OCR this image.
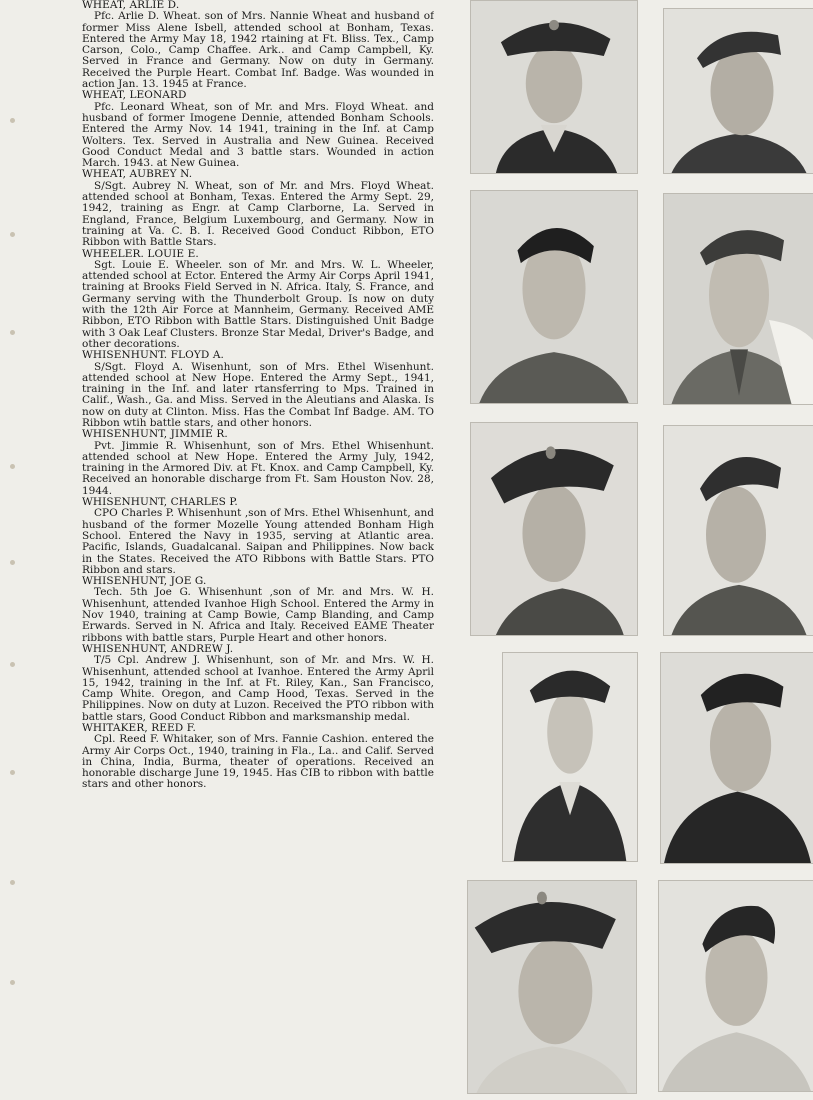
WHEAT, ARLIE D.

Pfc. Arlie D. Wheat. son of Mrs. Nannie Wheat and husband of former Miss Alene Isbell, attended school at Bonham, Texas. Entered the Army May 18, 1942 rtaining at Ft. Bliss. Tex., Camp Carson, Colo., Camp Chaffee. Ark.. and Camp Campbell, Ky. Served in France and Germany. Now on duty in Germany. Received the Purple Heart. Combat Inf. Badge. Was wounded in action Jan. 13. 1945 at France.

WHEAT, LEONARD

Pfc. Leonard Wheat, son of Mr. and Mrs. Floyd Wheat. and husband of former Imogene Dennie, attended Bonham Schools. Entered the Army Nov. 14 1941, training in the Inf. at Camp Wolters. Tex. Served in Australia and New Guinea. Received Good Conduct Medal and 3 battle stars. Wounded in action March. 1943. at New Guinea.

WHEAT, AUBREY N.

S/Sgt. Aubrey N. Wheat, son of Mr. and Mrs. Floyd Wheat. attended school at Bonham, Texas. Entered the Army Sept. 29, 1942, training as Engr. at Camp Clarborne, La. Served in England, France, Belgium Luxembourg, and Germany. Now in training at Va. C. B. I. Received Good Conduct Ribbon, ETO Ribbon with Battle Stars.

WHEELER. LOUIE E.

Sgt. Louie E. Wheeler. son of Mr. and Mrs. W. L. Wheeler, attended school at Ector. Entered the Army Air Corps April 1941, training at Brooks Field Served in N. Africa. Italy, S. France, and Germany serving with the Thunderbolt Group. Is now on duty with the 12th Air Force at Mannheim, Germany. Received AME Ribbon, ETO Ribbon with Battle Stars. Distinguished Unit Badge with 3 Oak Leaf Clusters. Bronze Star Medal, Driver's Badge, and other decorations.

WHISENHUNT. FLOYD A.

S/Sgt. Floyd A. Wisenhunt, son of Mrs. Ethel Wisenhunt. attended school at New Hope. Entered the Army Sept., 1941, training in the Inf. and later rtansferring to Mps. Trained in Calif., Wash., Ga. and Miss. Served in the Aleutians and Alaska. Is now on duty at Clinton. Miss. Has the Combat Inf Badge. AM. TO Ribbon wtih battle stars, and other honors.

WHISENHUNT, JIMMIE R.

Pvt. Jimmie R. Whisenhunt, son of Mrs. Ethel Whisenhunt. attended school at New Hope. Entered the Army July, 1942, training in the Armored Div. at Ft. Knox. and Camp Campbell, Ky. Received an honorable discharge from Ft. Sam Houston Nov. 28, 1944.

WHISENHUNT, CHARLES P.

CPO Charles P. Whisenhunt ,son of Mrs. Ethel Whisenhunt, and husband of the former Mozelle Young attended Bonham High School. Entered the Navy in 1935, serving at Atlantic area. Pacific, Islands, Guadalcanal. Saipan and Philippines. Now back in the States. Received the ATO Ribbons with Battle Stars. PTO Ribbon and stars.

WHISENHUNT, JOE G.

Tech. 5th Joe G. Whisenhunt ,son of Mr. and Mrs. W. H. Whisenhunt, attended Ivanhoe High School. Entered the Army in Nov 1940, training at Camp Bowie, Camp Blanding, and Camp Erwards. Served in N. Africa and Italy. Received EAME Theater ribbons with battle stars, Purple Heart and other honors.

WHISENHUNT, ANDREW J.

T/5 Cpl. Andrew J. Whisenhunt, son of Mr. and Mrs. W. H. Whisenhunt, attended school at Ivanhoe. Entered the Army April 15, 1942, training in the Inf. at Ft. Riley, Kan., San Francisco, Camp White. Oregon, and Camp Hood, Texas. Served in the Philippines. Now on duty at Luzon. Received the PTO ribbon with battle stars, Good Conduct Ribbon and marksmanship medal.

WHITAKER, REED F.

Cpl. Reed F. Whitaker, son of Mrs. Fannie Cashion. entered the Army Air Corps Oct., 1940, training in Fla., La.. and Calif. Served in China, India, Burma, theater of operations. Received an honorable discharge June 19, 1945. Has CIB to ribbon with battle stars and other honors.
